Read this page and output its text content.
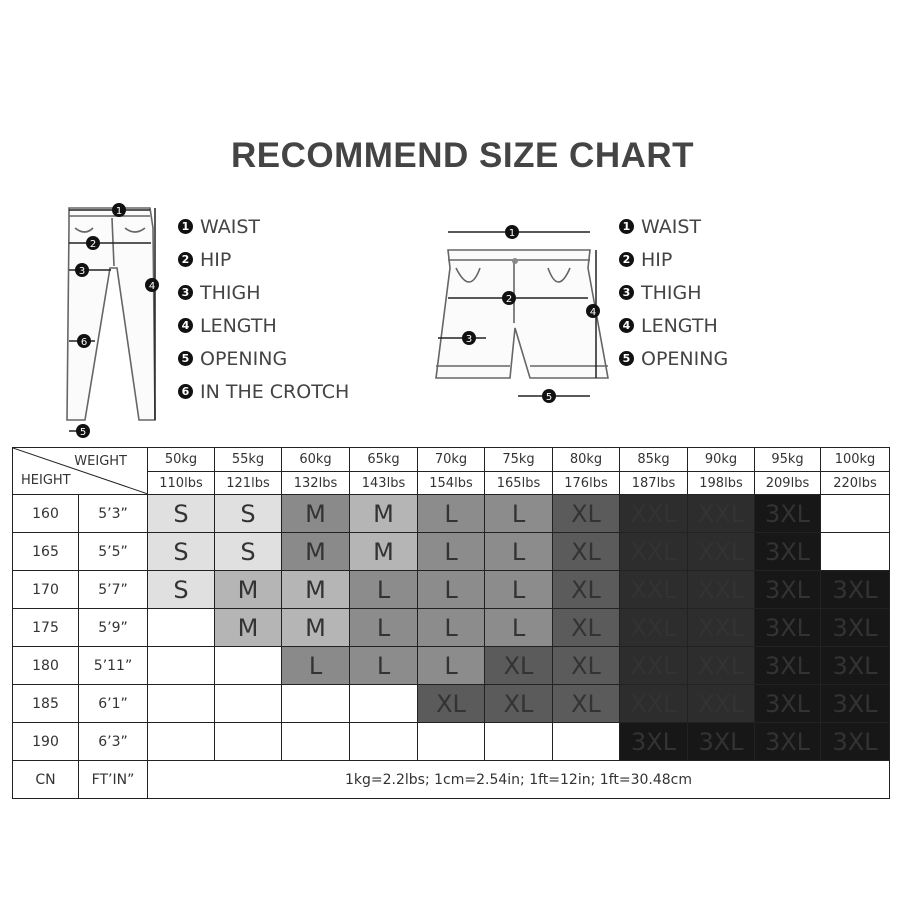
RECOMMEND SIZE CHART
1
2
3
4
6
5
1 WAIST
2 HIP
3 THIGH
4 LENGTH
5 OPENING
6 IN THE CROTCH
1
2
3
4
5
1 WAIST
2 HIP
3 THIGH
4 LENGTH
5 OPENING
WEIGHT
HEIGHT		50kg	55kg	60kg	65kg	70kg	75kg	80kg	85kg	90kg	95kg	100kg
		110lbs	121lbs	132lbs	143lbs	154lbs	165lbs	176lbs	187lbs	198lbs	209lbs	220lbs
160	5’3”	S	S	M	M	L	L	XL	XXL	XXL	3XL	
165	5’5”	S	S	M	M	L	L	XL	XXL	XXL	3XL	
170	5’7”	S	M	M	L	L	L	XL	XXL	XXL	3XL	3XL
175	5’9”		M	M	L	L	L	XL	XXL	XXL	3XL	3XL
180	5’11”			L	L	L	XL	XL	XXL	XXL	3XL	3XL
185	6’1”					XL	XL	XL	XXL	XXL	3XL	3XL
190	6’3”								3XL	3XL	3XL	3XL
CN	FT’IN”	1kg=2.2lbs; 1cm=2.54in; 1ft=12in; 1ft=30.48cm										
